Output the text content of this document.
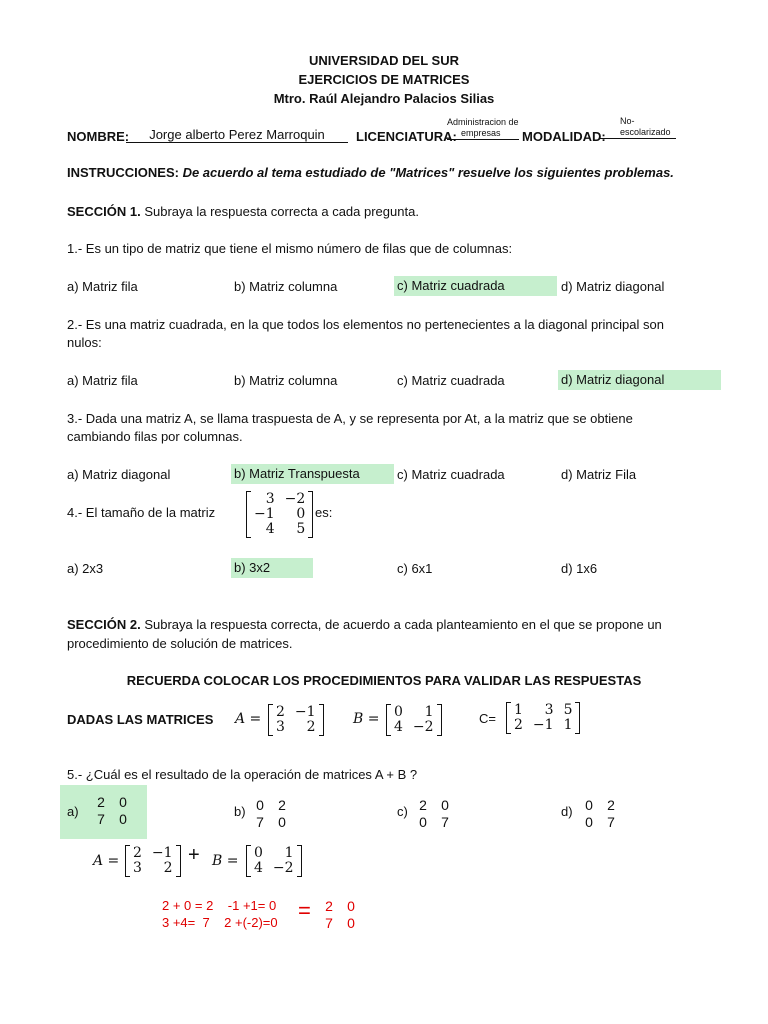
UNIVERSIDAD DEL SUR
EJERCICIOS DE MATRICES
Mtro. Raúl Alejandro Palacios Silias
NOMBRE:	Jorge alberto Perez Marroquin	LICENCIATURA:
Administracion de
empresas	MODALIDAD:
No-
escolarizado
INSTRUCCIONES: De acuerdo al tema estudiado de "Matrices" resuelve los siguientes problemas.
SECCIÓN 1. Subraya la respuesta correcta a cada pregunta.
1.- Es un tipo de matriz que tiene el mismo número de filas que de columnas:
a) Matriz fila	b) Matriz columna	c) Matriz cuadrada	d) Matriz diagonal
2.- Es una matriz cuadrada, en la que todos los elementos no pertenecientes a la diagonal principal son
nulos:
a) Matriz fila	b) Matriz columna	c) Matriz cuadrada	d) Matriz diagonal
3.- Dada una matriz A, se llama traspuesta de A, y se representa por At, a la matriz que se obtiene
cambiando filas por columnas.
a) Matriz diagonal	b) Matriz Transpuesta	c) Matriz cuadrada	d) Matriz Fila
4.- El tamaño de la matriz
3 −2
−1	0
4	5
es:
a) 2x3	b) 3x2	c) 6x1	d) 1x6
SECCIÓN 2. Subraya la respuesta correcta, de acuerdo a cada planteamiento en el que se propone un
procedimiento de solución de matrices.
RECUERDA COLOCAR LOS PROCEDIMIENTOS PARA VALIDAR LAS RESPUESTAS
DADAS LAS MATRICES A = 2 −1
3	2	B = 0	1
4 −2
C=
1	3 5
2 −1 1
5.- ¿Cuál es el resultado de la operación de matrices A + B ?
a)
2	0
7	0	b) 0	2
7	0
c) 2	0
0	7
d) 0	2
0	7
A = 2 −1
3	2
+ B = 0	1
4 −2
2 + 0 = 2    -1 +1= 0
3 +4=  7    2 +(-2)=0 =	2	0
7	0
